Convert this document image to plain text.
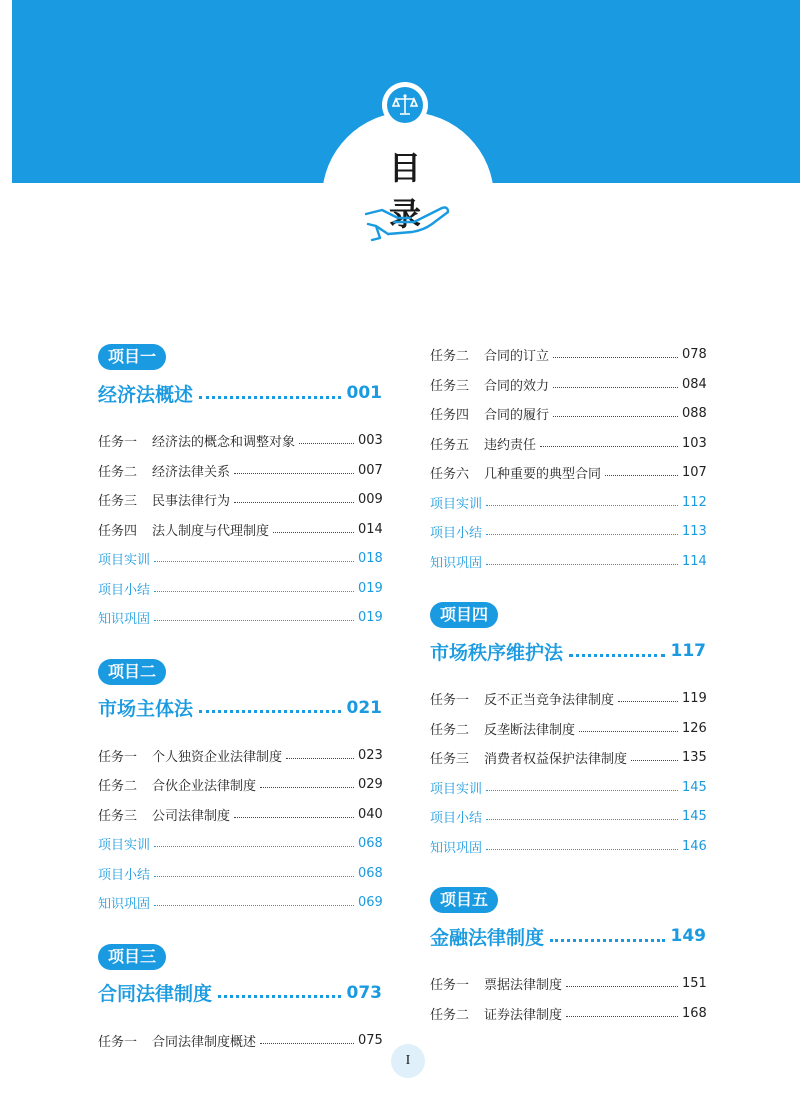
目 录
项目一
经济法概述	001
任务一	经济法的概念和调整对象	003
任务二	经济法律关系	007
任务三	民事法律行为	009
任务四	法人制度与代理制度	014
项目实训	018
项目小结	019
知识巩固	019
项目二
市场主体法	021
任务一	个人独资企业法律制度	023
任务二	合伙企业法律制度	029
任务三	公司法律制度	040
项目实训	068
项目小结	068
知识巩固	069
项目三
合同法律制度	073
任务一	合同法律制度概述	075
任务二	合同的订立	078
任务三	合同的效力	084
任务四	合同的履行	088
任务五	违约责任	103
任务六	几种重要的典型合同	107
项目实训	112
项目小结	113
知识巩固	114
项目四
市场秩序维护法	117
任务一	反不正当竞争法律制度	119
任务二	反垄断法律制度	126
任务三	消费者权益保护法律制度	135
项目实训	145
项目小结	145
知识巩固	146
项目五
金融法律制度	149
任务一	票据法律制度	151
任务二	证券法律制度	168
I
